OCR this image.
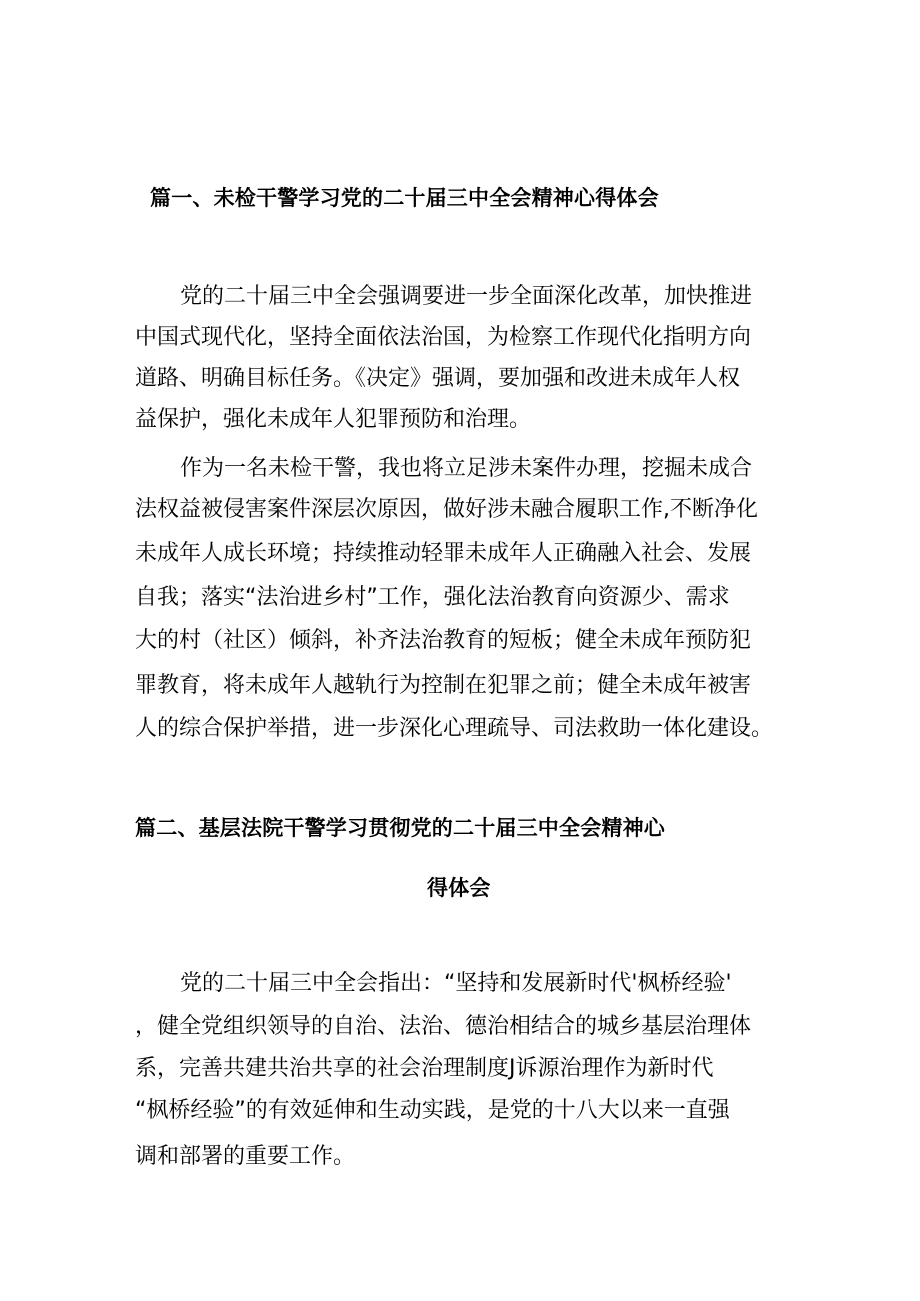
篇一、未检干警学习党的二十届三中全会精神心得体会

党的二十届三中全会强调要进一步全面深化改革，加快推进

中国式现代化，坚持全面依法治国，为检察工作现代化指明方向

道路、明确目标任务。《决定》强调，要加强和改进未成年人权

益保护，强化未成年人犯罪预防和治理。

作为一名未检干警，我也将立足涉未案件办理，挖掘未成合

法权益被侵害案件深层次原因，做好涉未融合履职工作,不断净化

未成年人成长环境；持续推动轻罪未成年人正确融入社会、发展

自我；落实“法治进乡村”工作，强化法治教育向资源少、需求

大的村（社区）倾斜，补齐法治教育的短板；健全未成年预防犯

罪教育，将未成年人越轨行为控制在犯罪之前；健全未成年被害

人的综合保护举措，进一步深化心理疏导、司法救助一体化建设。

篇二、基层法院干警学习贯彻党的二十届三中全会精神心
得体会

党的二十届三中全会指出：“坚持和发展新时代'枫桥经验'

，健全党组织领导的自治、法治、德治相结合的城乡基层治理体

系，完善共建共治共享的社会治理制度J诉源治理作为新时代

“枫桥经验”的有效延伸和生动实践，是党的十八大以来一直强

调和部署的重要工作。
